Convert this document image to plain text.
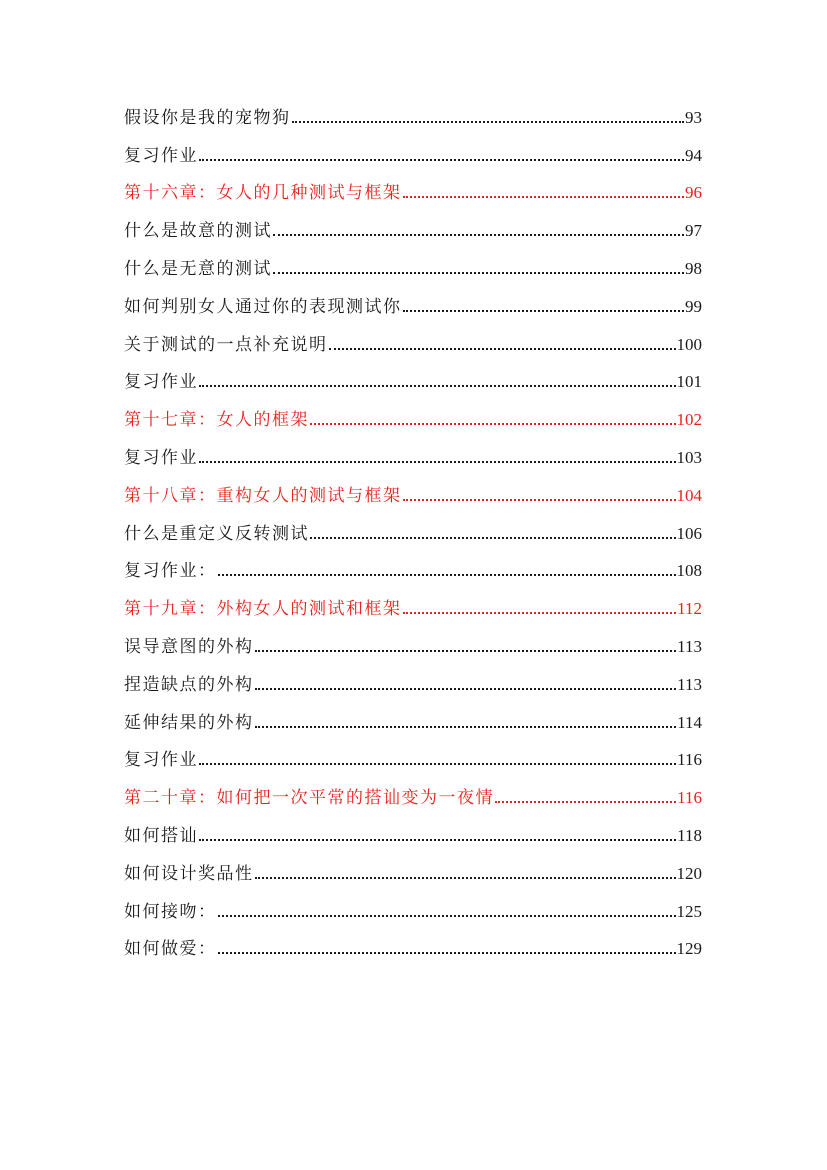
假设你是我的宠物狗	93
复习作业	94
第十六章：女人的几种测试与框架	96
什么是故意的测试	97
什么是无意的测试	98
如何判别女人通过你的表现测试你	99
关于测试的一点补充说明	100
复习作业	101
第十七章：女人的框架	102
复习作业	103
第十八章：重构女人的测试与框架	104
什么是重定义反转测试	106
复习作业：	108
第十九章：外构女人的测试和框架	112
误导意图的外构	113
捏造缺点的外构	113
延伸结果的外构	114
复习作业	116
第二十章：如何把一次平常的搭讪变为一夜情	116
如何搭讪	118
如何设计奖品性	120
如何接吻：	125
如何做爱：	129
